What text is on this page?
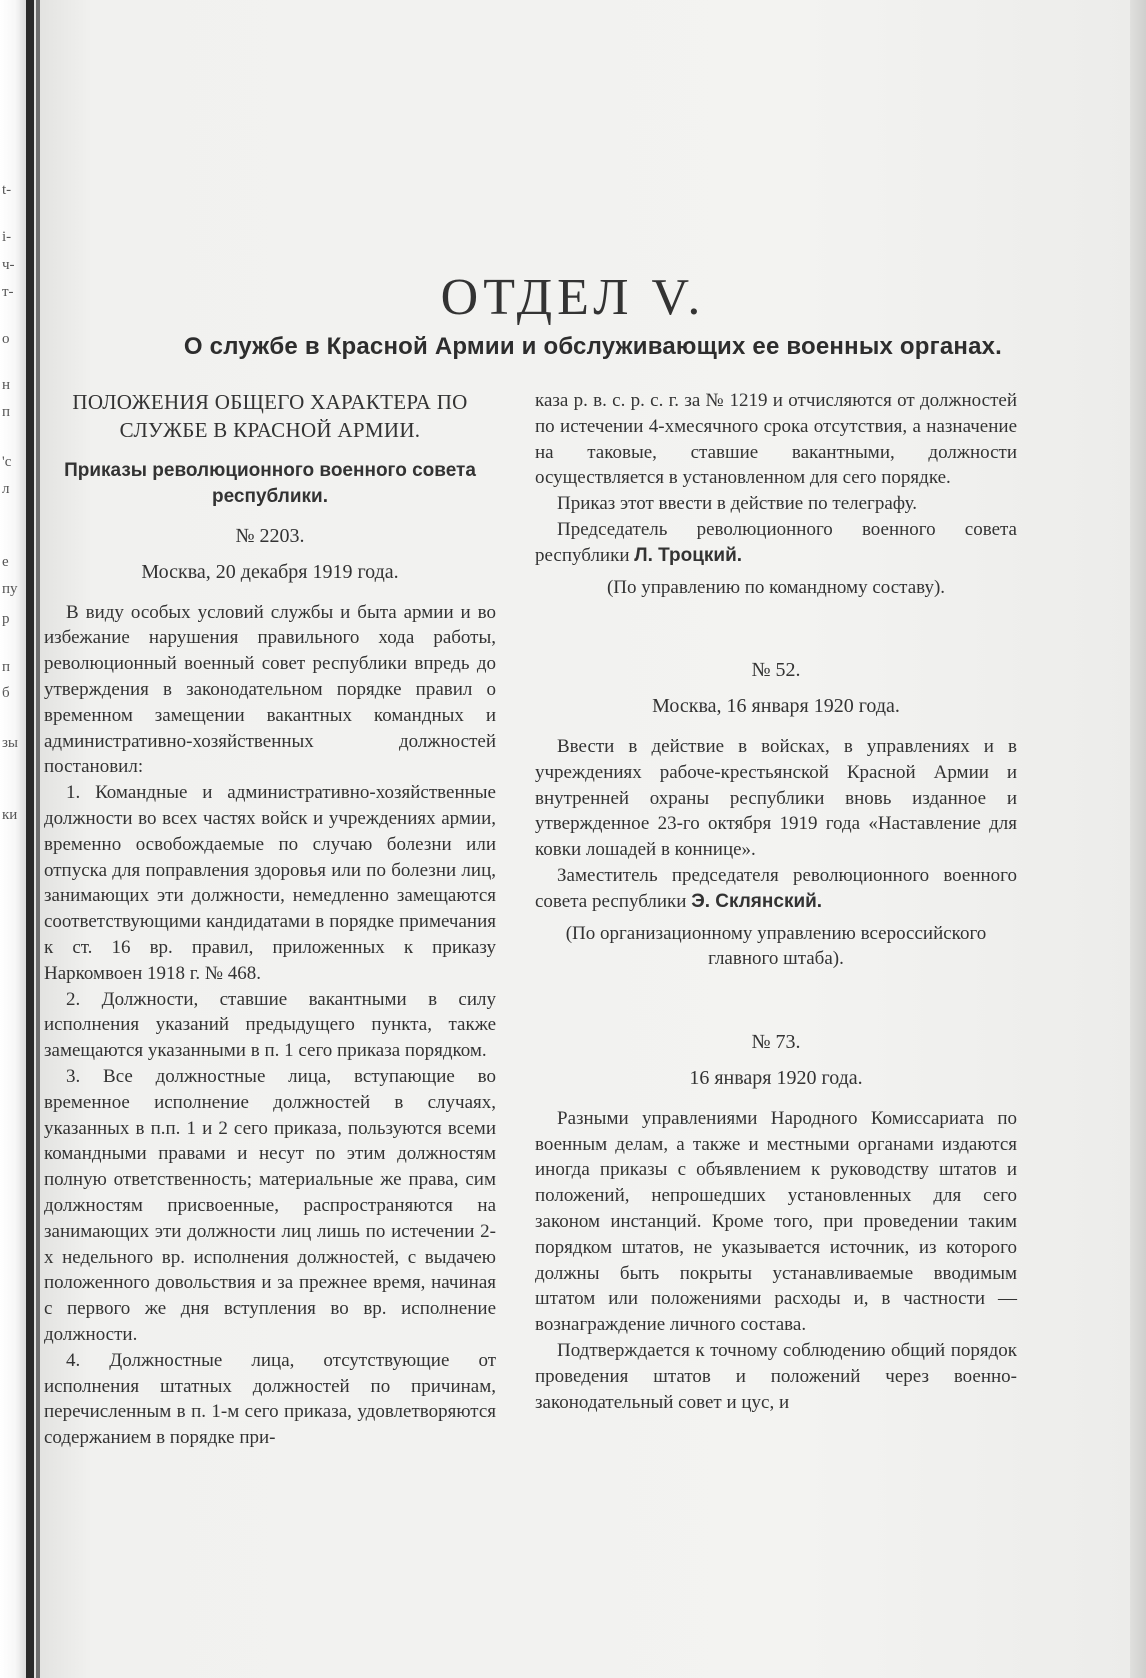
t-
і-
ч-
т-
о
н
п
'с
л
е
пу
р
п
б
зы
ки
ОТДЕЛ V.
О службе в Красной Армии и обслуживающих ее военных органах.
ПОЛОЖЕНИЯ ОБЩЕГО ХАРАКТЕРА ПО СЛУЖБЕ В КРАСНОЙ АРМИИ.
Приказы революционного военного совета республики.
№ 2203.
Москва, 20 декабря 1919 года.

В виду особых условий службы и быта армии и во избежание нарушения правильного хода работы, революционный военный совет республики впредь до утверждения в законодательном порядке правил о временном замещении вакантных командных и административно-хозяйственных должностей постановил:

1. Командные и административно-хозяйственные должности во всех частях войск и учреждениях армии, временно освобождаемые по случаю болезни или отпуска для поправления здоровья или по болезни лиц, занимающих эти должности, немедленно замещаются соответствующими кандидатами в порядке примечания к ст. 16 вр. правил, приложенных к приказу Наркомвоен 1918 г. № 468.

2. Должности, ставшие вакантными в силу исполнения указаний предыдущего пункта, также замещаются указанными в п. 1 сего приказа порядком.

3. Все должностные лица, вступающие во временное исполнение должностей в случаях, указанных в п.п. 1 и 2 сего приказа, пользуются всеми командными правами и несут по этим должностям полную ответственность; материальные же права, сим должностям присвоенные, распространяются на занимающих эти должности лиц лишь по истечении 2-х недельного вр. исполнения должностей, с выдачею положенного довольствия и за прежнее время, начиная с первого же дня вступления во вр. исполнение должности.

4. Должностные лица, отсутствующие от исполнения штатных должностей по причинам, перечисленным в п. 1-м сего приказа, удовлетворяются содержанием в порядке при-

каза р. в. с. р. с. г. за № 1219 и отчисляются от должностей по истечении 4-хмесячного срока отсутствия, а назначение на таковые, ставшие вакантными, должности осуществляется в установленном для сего порядке.

Приказ этот ввести в действие по телеграфу.

Председатель революционного военного совета республики Л. Троцкий.

(По управлению по командному составу).

№ 52.
Москва, 16 января 1920 года.

Ввести в действие в войсках, в управлениях и в учреждениях рабоче-крестьянской Красной Армии и внутренней охраны республики вновь изданное и утвержденное 23-го октября 1919 года «Наставление для ковки лошадей в коннице».

Заместитель председателя революционного военного совета республики Э. Склянский.

(По организационному управлению всероссийского главного штаба).

№ 73.
16 января 1920 года.

Разными управлениями Народного Комиссариата по военным делам, а также и местными органами издаются иногда приказы с объявлением к руководству штатов и положений, непрошедших установленных для сего законом инстанций. Кроме того, при проведении таким порядком штатов, не указывается источник, из которого должны быть покрыты устанавливаемые вводимым штатом или положениями расходы и, в частности — вознаграждение личного состава.

Подтверждается к точному соблюдению общий порядок проведения штатов и положений через военно-законодательный совет и цус, и
